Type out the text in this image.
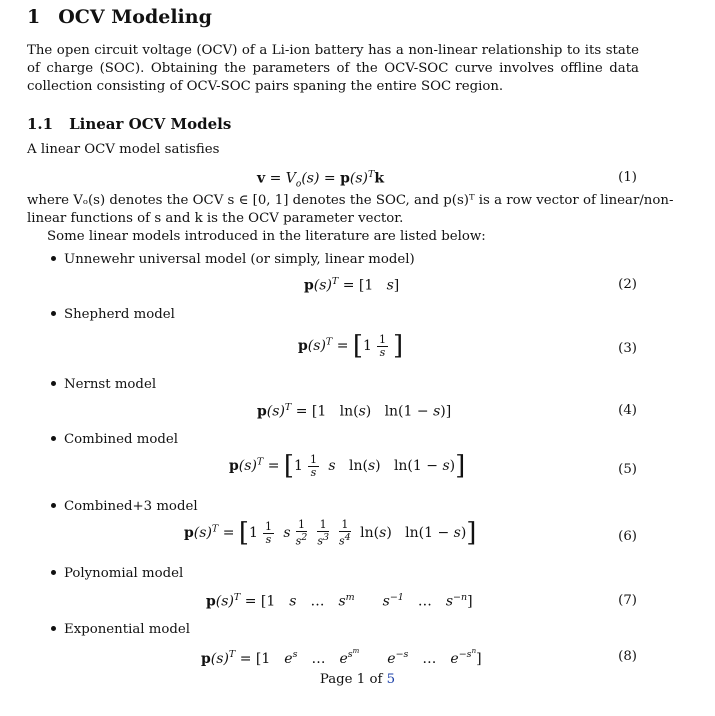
1 OCV Modeling
The open circuit voltage (OCV) of a Li-ion battery has a non-linear relationship to its state of charge (SOC). Obtaining the parameters of the OCV-SOC curve involves offline data collection consisting of OCV-SOC pairs spaning the entire SOC region.
1.1 Linear OCV Models
A linear OCV model satisfies
$v = V_o(s) = p(s)^Tk$	(1)
where Vₒ(s) denotes the OCV s ∈ [0, 1] denotes the SOC, and p(s)ᵀ is a row vector of linear/non-
linear functions of s and k is the OCV parameter vector.
Some linear models introduced in the literature are listed below:
Unnewehr universal model (or simply, linear model)
$p(s)^T = [1$   s]	(2)
Shepherd model
$p(s)^T = [1 \frac{1}{s}$ ]	(3)
Nernst model
$p(s)^T = [1$   ln(s)   ln(1 − s)]	(4)
Combined model
$p(s)^T = [1 \frac{1}{s}$ s   ln(s)   ln(1 − s)]	(5)
Combined+3 model
$p(s)^T = [1 \frac{1}{s}$ s $\frac{1}{s^2} \frac{1}{s^3} \frac{1}{s^4} \ln(s) \ln(1 - s)$]	(6)
Polynomial model
$p(s)^T = [1$ s … $s^m$ $s^{-1}$ … $s^{-n}$]	(7)
Exponential model
$p(s)^T = [1$ $e^s$ … $e^{s^m}$ $e^{-s}$ … $e^{-s^n}$]	(8)
Page 1 of 5
